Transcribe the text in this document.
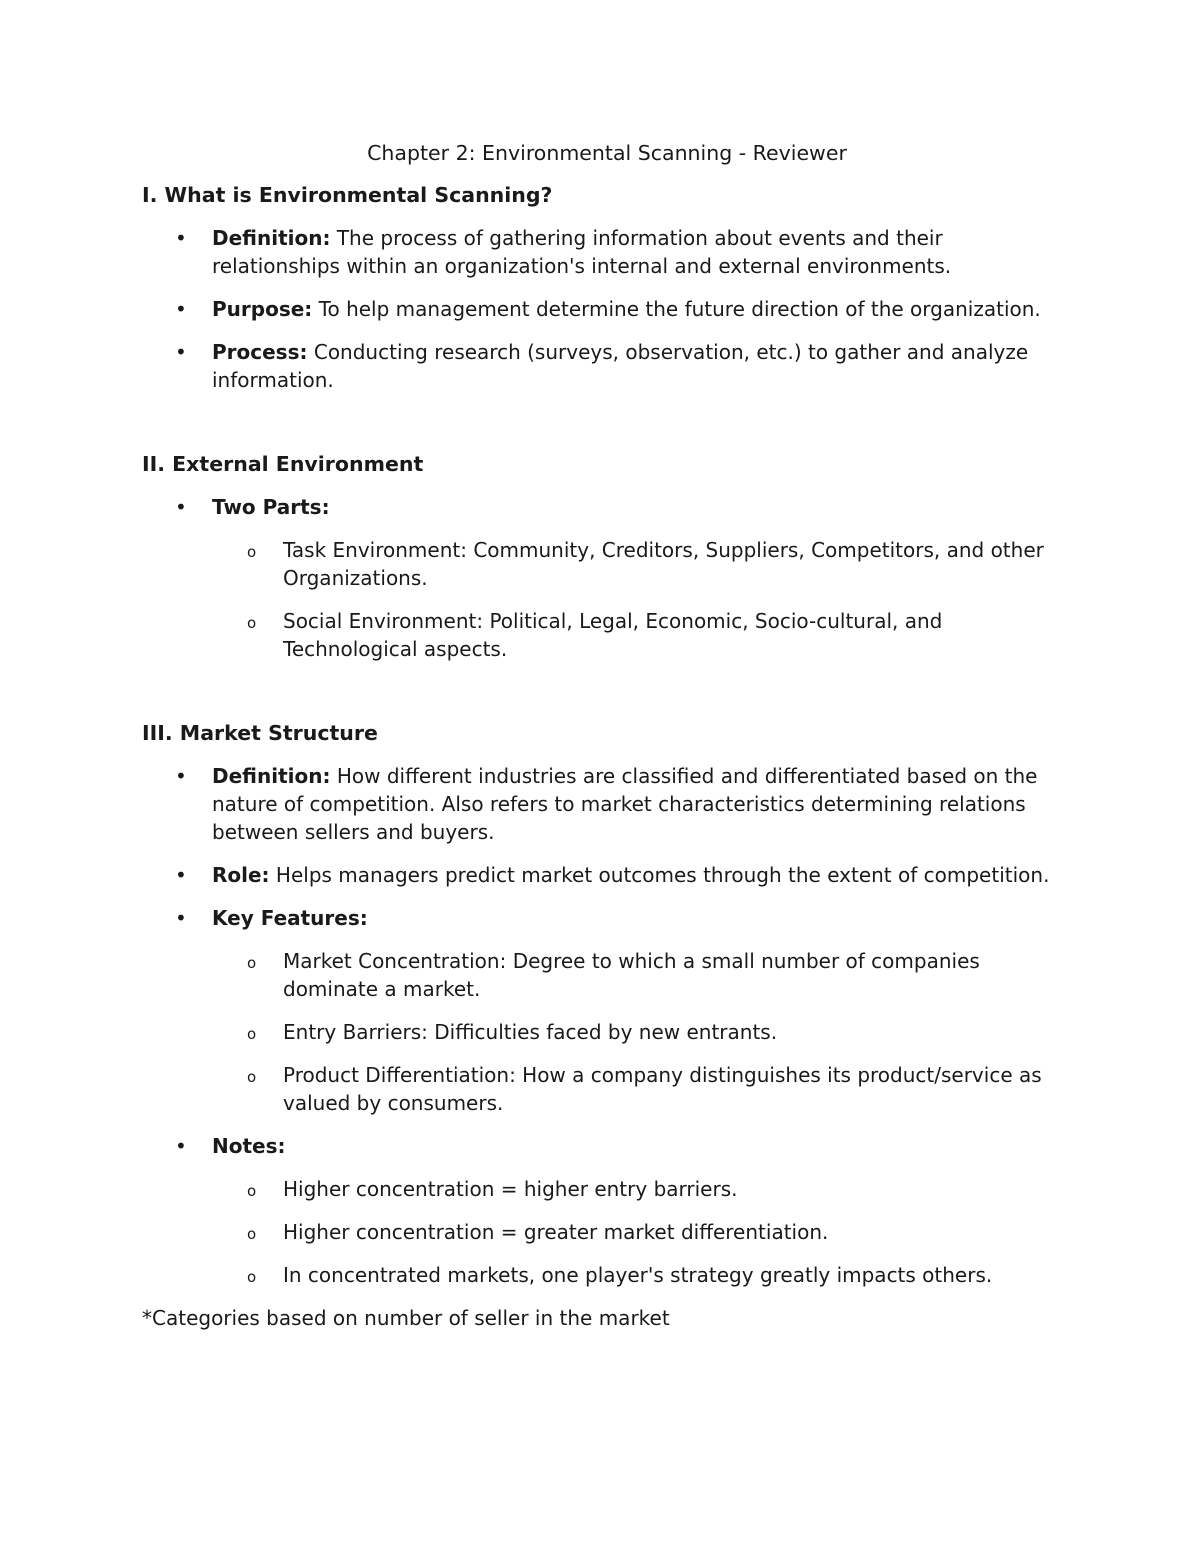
Chapter 2: Environmental Scanning - Reviewer
I. What is Environmental Scanning?
• Definition: The process of gathering information about events and their relationships within an organization's internal and external environments.
• Purpose: To help management determine the future direction of the organization.
• Process: Conducting research (surveys, observation, etc.) to gather and analyze information.
II. External Environment
• Two Parts:
o Task Environment: Community, Creditors, Suppliers, Competitors, and other Organizations.
o Social Environment: Political, Legal, Economic, Socio-cultural, and Technological aspects.
III. Market Structure
• Definition: How different industries are classified and differentiated based on the nature of competition. Also refers to market characteristics determining relations between sellers and buyers.
• Role: Helps managers predict market outcomes through the extent of competition.
• Key Features:
o Market Concentration: Degree to which a small number of companies dominate a market.
o Entry Barriers: Difficulties faced by new entrants.
o Product Differentiation: How a company distinguishes its product/service as valued by consumers.
• Notes:
o Higher concentration = higher entry barriers.
o Higher concentration = greater market differentiation.
o In concentrated markets, one player's strategy greatly impacts others.
*Categories based on number of seller in the market
